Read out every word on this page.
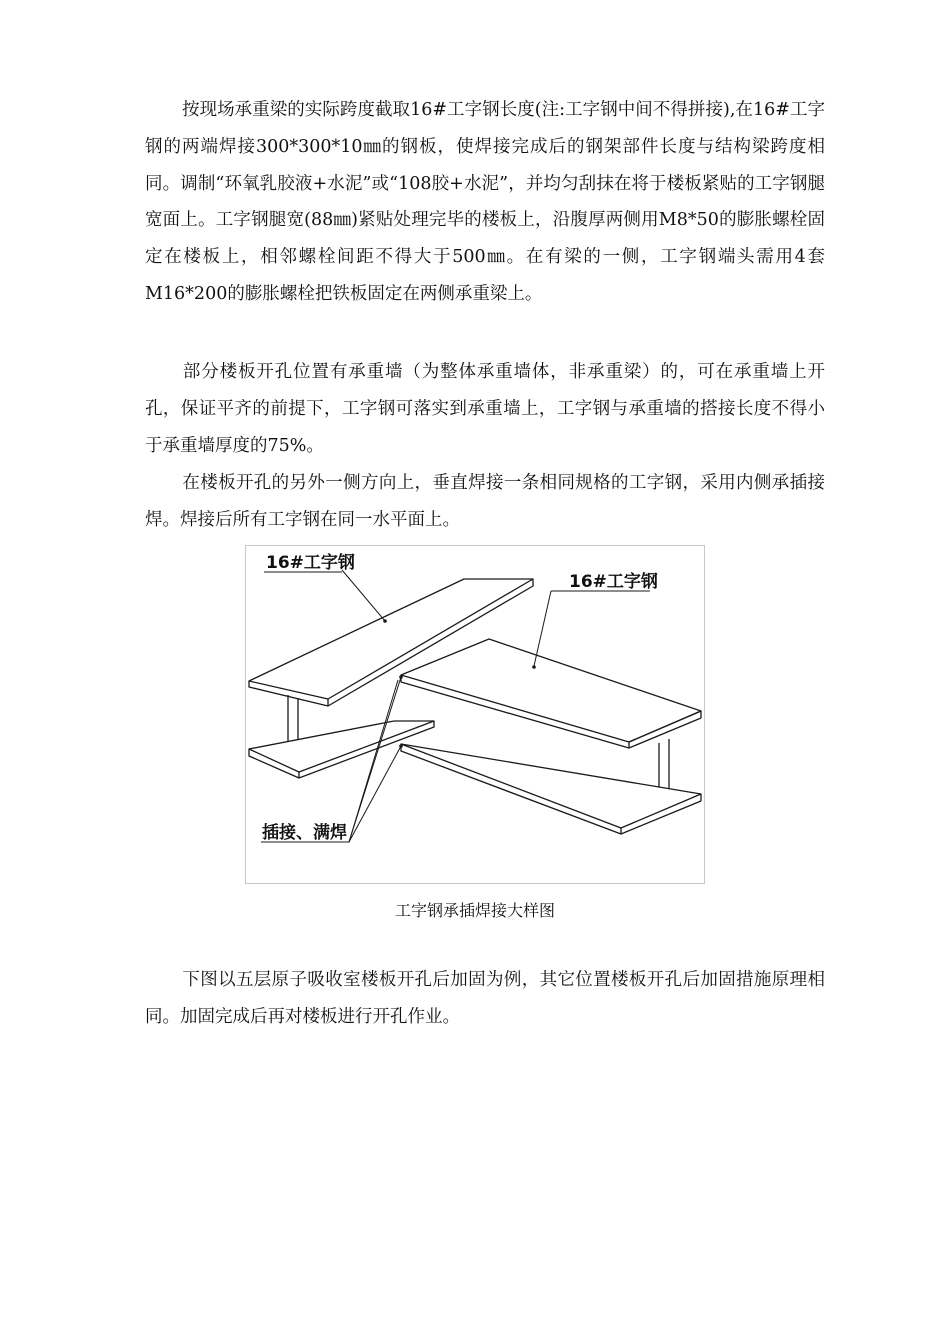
按现场承重梁的实际跨度截取16#工字钢长度(注:工字钢中间不得拼接),在16#工字钢的两端焊接300*300*10㎜的钢板，使焊接完成后的钢架部件长度与结构梁跨度相同。调制“环氧乳胶液+水泥”或“108胶+水泥”，并均匀刮抹在将于楼板紧贴的工字钢腿宽面上。工字钢腿宽(88㎜)紧贴处理完毕的楼板上，沿腹厚两侧用M8*50的膨胀螺栓固定在楼板上，相邻螺栓间距不得大于500㎜。在有梁的一侧，工字钢端头需用4套M16*200的膨胀螺栓把铁板固定在两侧承重梁上。

部分楼板开孔位置有承重墙（为整体承重墙体，非承重梁）的，可在承重墙上开孔，保证平齐的前提下，工字钢可落实到承重墙上，工字钢与承重墙的搭接长度不得小于承重墙厚度的75%。

在楼板开孔的另外一侧方向上，垂直焊接一条相同规格的工字钢，采用内侧承插接焊。焊接后所有工字钢在同一水平面上。

16#工字钢
16#工字钢
插接、满焊
工字钢承插焊接大样图

下图以五层原子吸收室楼板开孔后加固为例，其它位置楼板开孔后加固措施原理相同。加固完成后再对楼板进行开孔作业。
